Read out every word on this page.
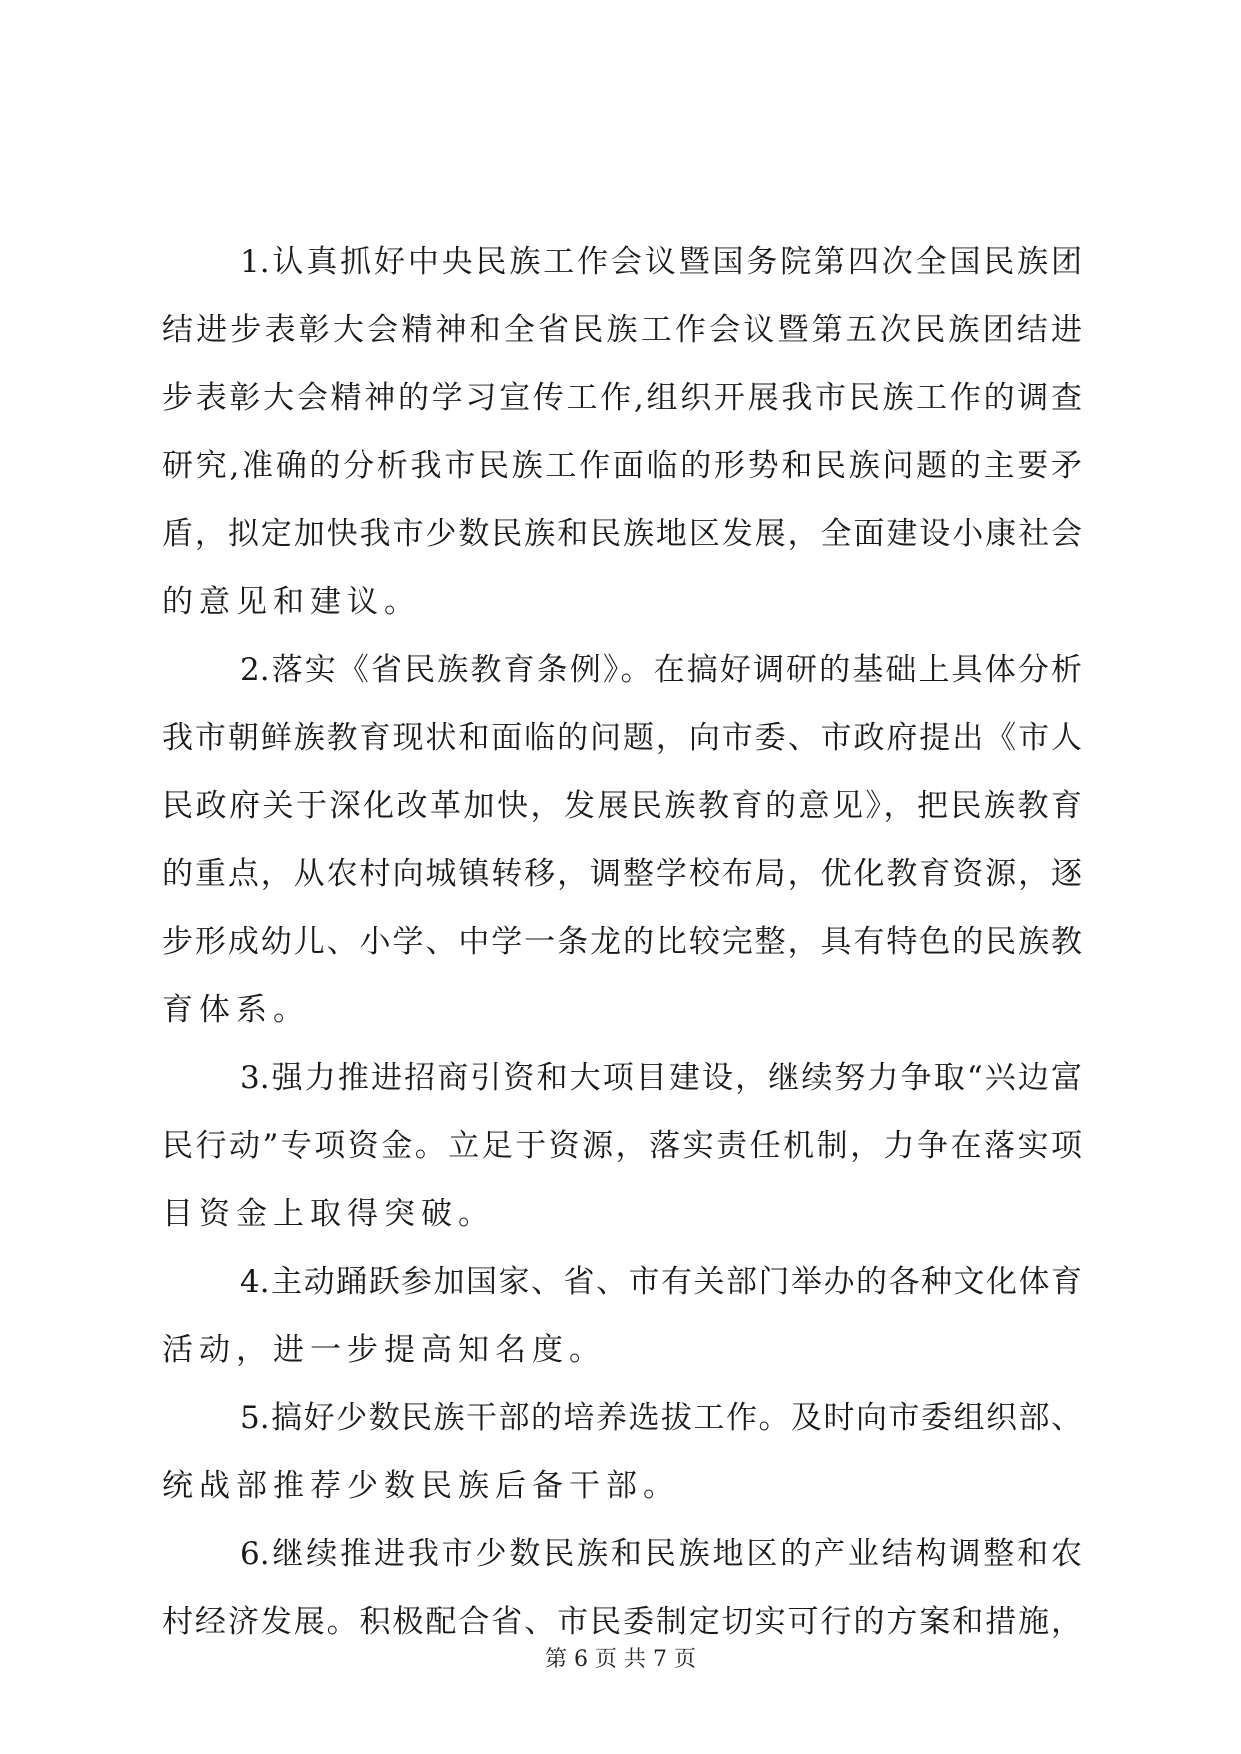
1.认真抓好中央民族工作会议暨国务院第四次全国民族团
结进步表彰大会精神和全省民族工作会议暨第五次民族团结进
步表彰大会精神的学习宣传工作,组织开展我市民族工作的调查
研究,准确的分析我市民族工作面临的形势和民族问题的主要矛
盾，拟定加快我市少数民族和民族地区发展，全面建设小康社会
的意见和建议。
2.落实《省民族教育条例》。在搞好调研的基础上具体分析
我市朝鲜族教育现状和面临的问题，向市委、市政府提出《市人
民政府关于深化改革加快，发展民族教育的意见》，把民族教育
的重点，从农村向城镇转移，调整学校布局，优化教育资源，逐
步形成幼儿、小学、中学一条龙的比较完整，具有特色的民族教
育体系。
3.强力推进招商引资和大项目建设，继续努力争取“兴边富
民行动”专项资金。立足于资源，落实责任机制，力争在落实项
目资金上取得突破。
4.主动踊跃参加国家、省、市有关部门举办的各种文化体育
活动，进一步提高知名度。
5.搞好少数民族干部的培养选拔工作。及时向市委组织部、
统战部推荐少数民族后备干部。
6.继续推进我市少数民族和民族地区的产业结构调整和农
村经济发展。积极配合省、市民委制定切实可行的方案和措施，
第 6 页 共 7 页
